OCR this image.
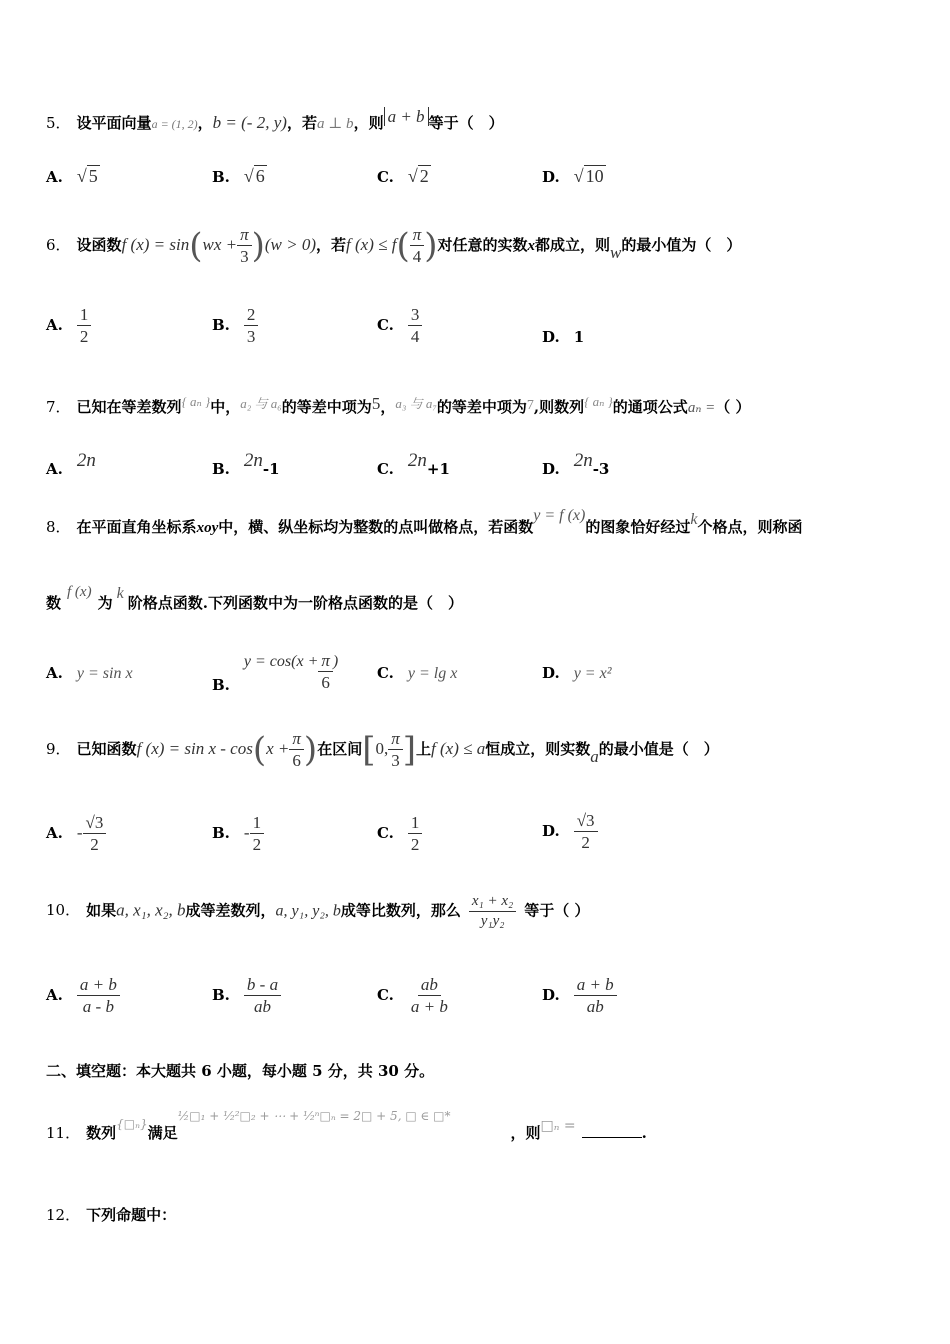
5． 设平面向量a = (1, 2)，b = (- 2, y)，若a ⊥ b，则 a + b 等于（　）
A. √ 5	B. √ 6	C. √ 2	D. √ 10
6． 设函数f $(x) = \sin(wx + \frac{\pi}{3} )(w > 0)$，若f $(x) \le f( \frac{\pi}{4}$ )对任意的实数x都成立，则w的最小值为（　）
A. $\frac{1}{2}$	B. $\frac{2}{3}$	C. $\frac{3}{4}$	D. 1
7． 已知在等差数列{ aₙ }中，a₂ 与 a₆的等差中项为5，a₃ 与 a₇的等差中项为7,则数列{ aₙ }的通项公式aₙ =（ ）
A. 2n	B. 2n-1	C. 2n+1	D. 2n-3
8． 在平面直角坐标系xoy中，横、纵坐标均为整数的点叫做格点，若函数y = f (x)的图象恰好经过k个格点，则称函
数f (x)为k阶格点函数.下列函数中为一阶格点函数的是（　）
A. y = sin x
$B.y = \cos(x + \frac{\pi}{6}$ )
C. y = lg x	D. y = x²
9． 已知函数f $(x) = \sin x - \cos(x + \frac{\pi}{6}$ )在区间[0, $\frac{\pi}{3}$ ]上f (x) ≤ a恒成立，则实数a的最小值是（　）
A. - $\frac{√3}{2}$	B. - $\frac{1}{2}$	C. $\frac{1}{2}$	D. $\frac{√3}{2}$
10． 如果a, x₁, x₂, b成等差数列，a, y₁, y₂, b成等比数列，那么 $\frac{\text{x₁ + x₂}}{\text{y₁y₂}}$ 等于（ ）
A. $\frac{a + b}{a - b}$	B. $\frac{b - a}{ab}$	C. $\frac{ab}{a + b}$	D. $\frac{a + b}{ab}$
二、填空题：本大题共 6 小题，每小题 5 分，共 30 分。
11． 数列$^{\{□_n\}}$满足$^{\frac{1}{2}□_1 + ^1⁄_2^2□_2 + \cdots + ^1⁄_2^n□_n = 2□ + 5, □ \in □*}$，则□ₙ =	.
12． 下列命题中：
